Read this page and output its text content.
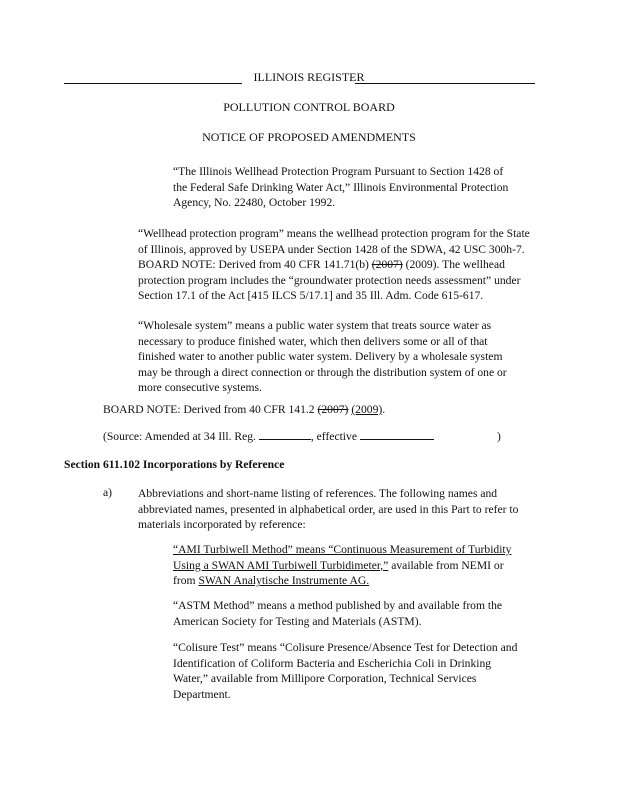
ILLINOIS REGISTER
POLLUTION CONTROL BOARD
NOTICE OF PROPOSED AMENDMENTS
“The Illinois Wellhead Protection Program Pursuant to Section 1428 of
the Federal Safe Drinking Water Act,” Illinois Environmental Protection
Agency, No. 22480, October 1992.
“Wellhead protection program” means the wellhead protection program for the State
of Illinois, approved by USEPA under Section 1428 of the SDWA, 42 USC 300h-7.
BOARD NOTE: Derived from 40 CFR 141.71(b) (2007) (2009). The wellhead
protection program includes the “groundwater protection needs assessment” under
Section 17.1 of the Act [415 ILCS 5/17.1] and 35 Ill. Adm. Code 615-617.
“Wholesale system” means a public water system that treats source water as
necessary to produce finished water, which then delivers some or all of that
finished water to another public water system. Delivery by a wholesale system
may be through a direct connection or through the distribution system of one or
more consecutive systems.
BOARD NOTE: Derived from 40 CFR 141.2 (2007) (2009).
(Source: Amended at 34 Ill. Reg.	, effective	)
Section 611.102 Incorporations by Reference
a) Abbreviations and short-name listing of references. The following names and
abbreviated names, presented in alphabetical order, are used in this Part to refer to
materials incorporated by reference:
“AMI Turbiwell Method” means “Continuous Measurement of Turbidity
Using a SWAN AMI Turbiwell Turbidimeter,” available from NEMI or
from SWAN Analytische Instrumente AG.
“ASTM Method” means a method published by and available from the
American Society for Testing and Materials (ASTM).
“Colisure Test” means “Colisure Presence/Absence Test for Detection and
Identification of Coliform Bacteria and Escherichia Coli in Drinking
Water,” available from Millipore Corporation, Technical Services
Department.
